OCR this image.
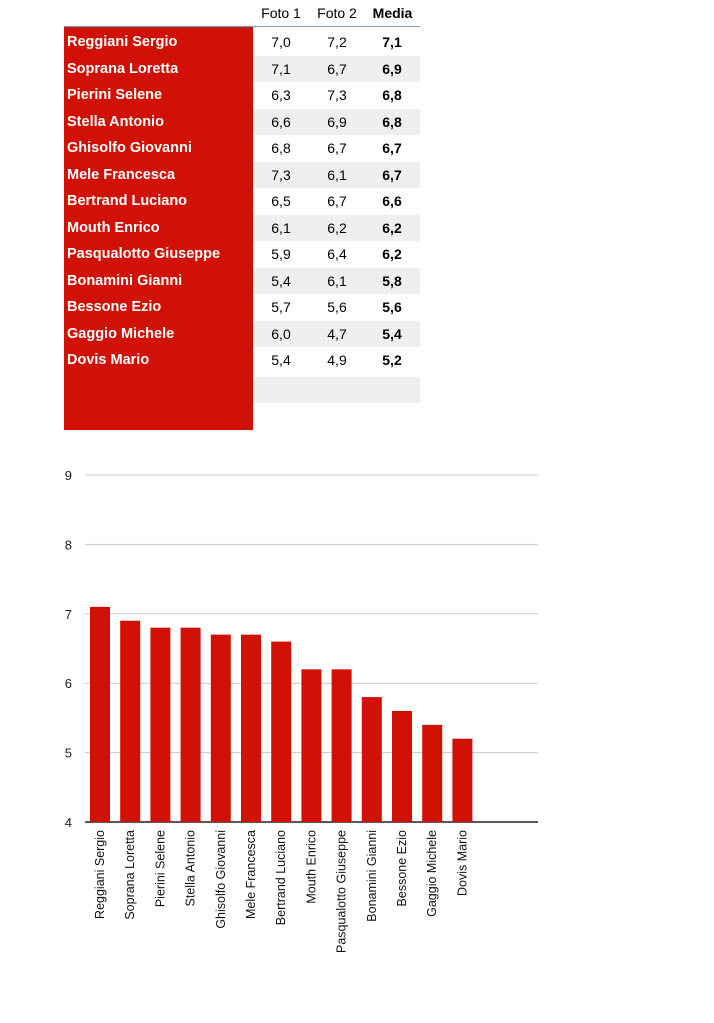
Foto 1	Foto 2	Media
Reggiani Sergio	7,0	7,2	7,1
Soprana Loretta	7,1	6,7	6,9
Pierini Selene	6,3	7,3	6,8
Stella Antonio	6,6	6,9	6,8
Ghisolfo Giovanni	6,8	6,7	6,7
Mele Francesca	7,3	6,1	6,7
Bertrand Luciano	6,5	6,7	6,6
Mouth Enrico	6,1	6,2	6,2
Pasqualotto Giuseppe	5,9	6,4	6,2
Bonamini Gianni	5,4	6,1	5,8
Bessone Ezio	5,7	5,6	5,6
Gaggio Michele	6,0	4,7	5,4
Dovis Mario	5,4	4,9	5,2
4
5
6
7
8
9
Reggiani Sergio Soprana Loretta Pierini Selene Stella Antonio Ghisolfo Giovanni Mele Francesca Bertrand Luciano Mouth Enrico Pasqualotto Giuseppe Bonamini Gianni Bessone Ezio Gaggio Michele Dovis Mario
